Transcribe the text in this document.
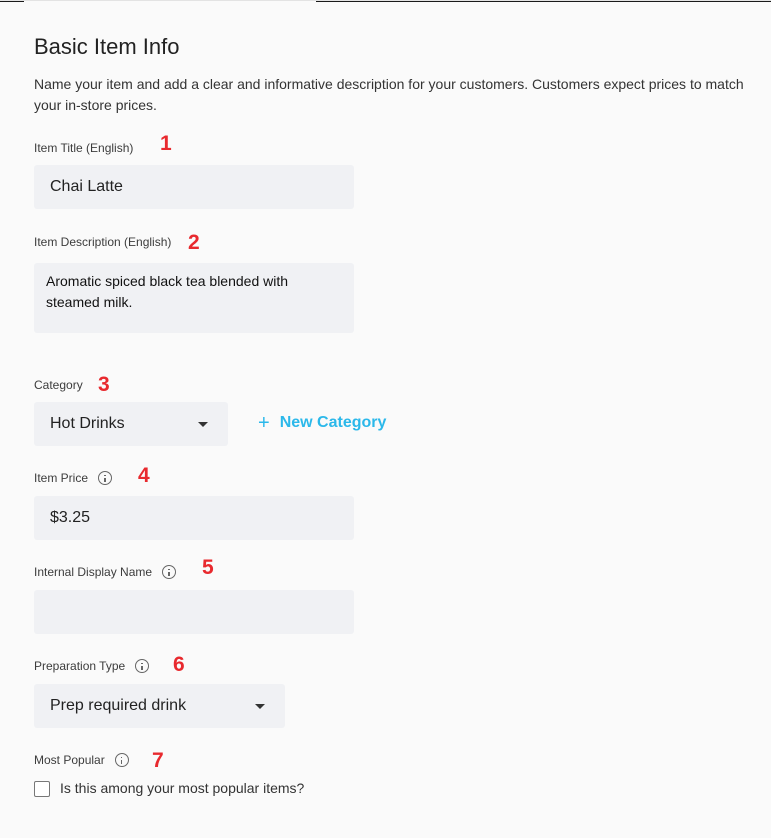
Basic Item Info

Name your item and add a clear and informative description for your customers. Customers expect prices to match your in-store prices.

Item Title (English) 1
Chai Latte
Item Description (English) 2
Aromatic spiced black tea blended with steamed milk.
Category 3
Hot Drinks	+ New Category
Item Price 4
$3.25
Internal Display Name 5
Preparation Type 6
Prep required drink
Most Popular 7
Is this among your most popular items?
